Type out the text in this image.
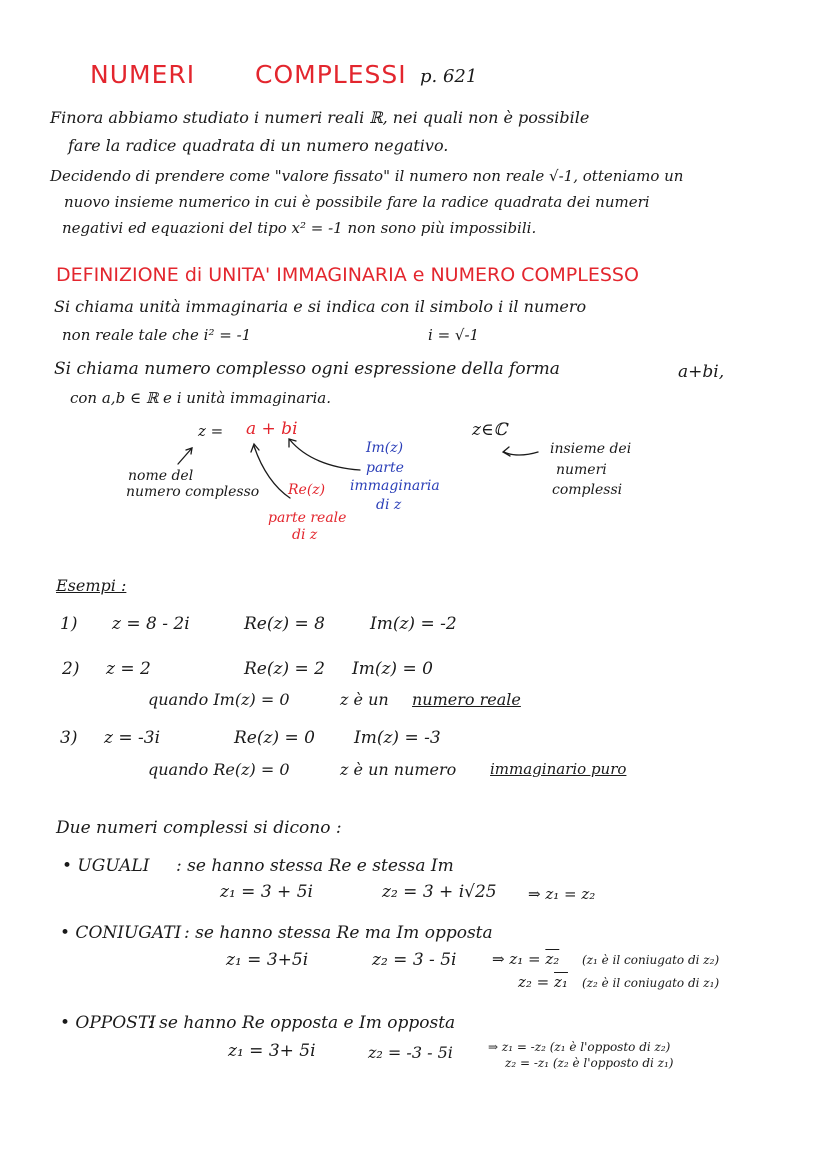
NUMERI COMPLESSI p. 621
Finora abbiamo studiato i numeri reali ℝ, nei quali non è possibile
fare la radice quadrata di un numero negativo.
Decidendo di prendere come "valore fissato" il numero non reale √-1, otteniamo un
nuovo insieme numerico in cui è possibile fare la radice quadrata dei numeri
negativi ed equazioni del tipo x² = -1 non sono più impossibili.
DEFINIZIONE di UNITA' IMMAGINARIA e NUMERO COMPLESSO
Si chiama unità immaginaria e si indica con il simbolo i il numero
non reale tale che i² = -1	i = √-1
Si chiama numero complesso ogni espressione della forma	a+bi,
con a,b ∈ ℝ e i unità immaginaria.
z = a + bi
Im(z)
parte
immaginaria
di z
Re(z)
parte reale
di z
nome del
numero complesso
z∈ℂ
insieme dei
numeri
complessi
Esempi :
1) z = 8 - 2i	Re(z) = 8	Im(z) = -2
2) z = 2	Re(z) = 2 Im(z) = 0
quando Im(z) = 0	z è un numero reale
3) z = -3i	Re(z) = 0 Im(z) = -3
quando Re(z) = 0	z è un numero immaginario puro
Due numeri complessi si dicono :
• UGUALI : se hanno stessa Re e stessa Im
z₁ = 3 + 5i	z₂ = 3 + i√25 ⇒ z₁ = z₂
• CONIUGATI : se hanno stessa Re ma Im opposta
z₁ = 3+5i	z₂ = 3 - 5i ⇒ z₁ = z₂ (z₁ è il coniugato di z₂)
z₂ = z₁ (z₂ è il coniugato di z₁)
• OPPOSTI
: se hanno Re opposta e Im opposta
z₁ = 3+ 5i	z₂ = -3 - 5i	⇒ z₁ = -z₂ (z₁ è l'opposto di z₂)
z₂ = -z₁ (z₂ è l'opposto di z₁)
